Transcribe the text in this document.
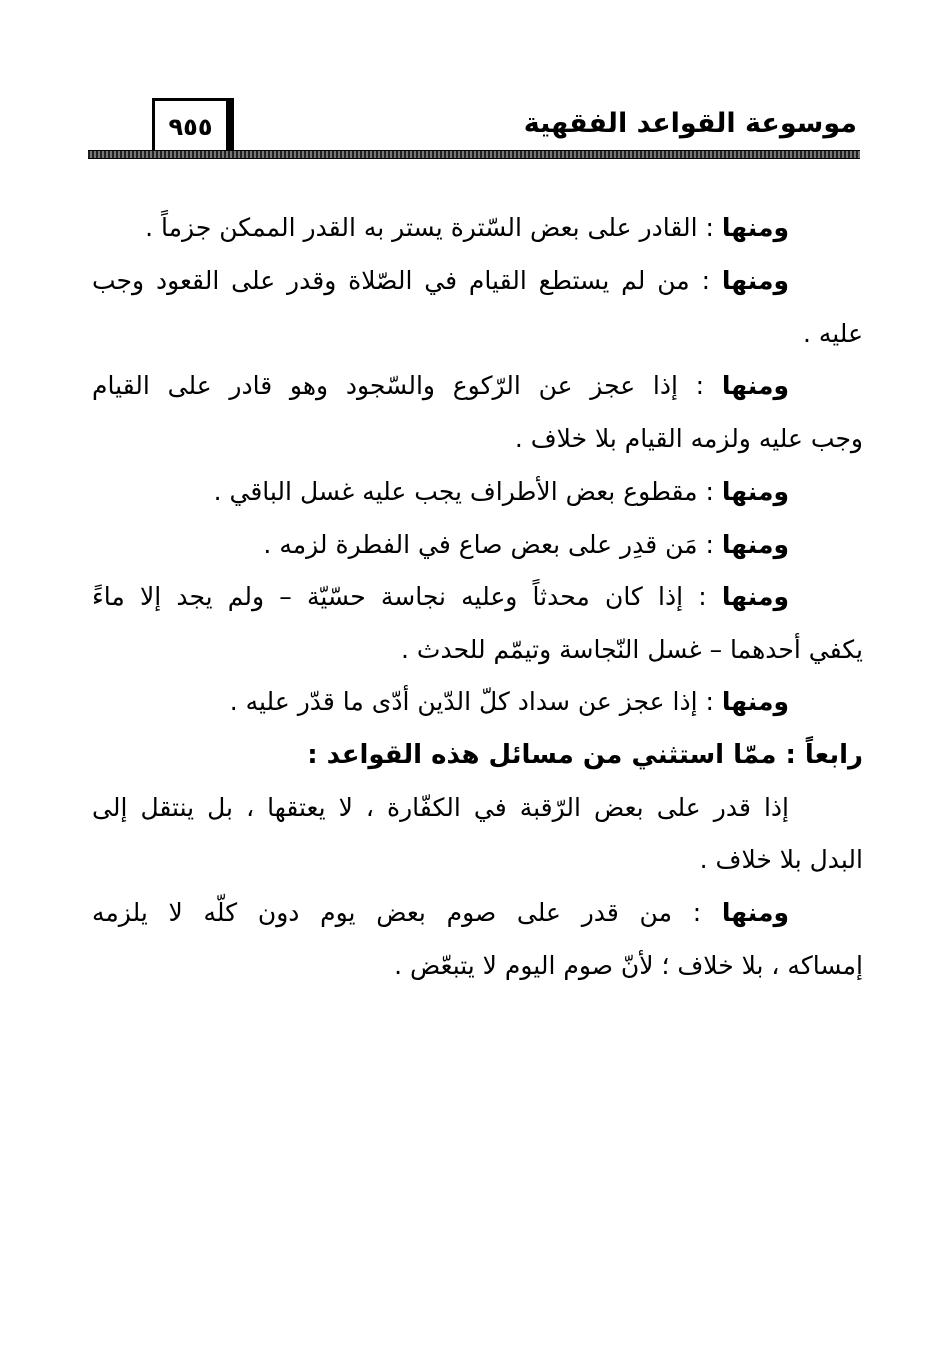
موسوعة القواعد الفقهية
٩٥٥
ومنها : القادر على بعض السّترة يستر به القدر الممكن جزماً .
ومنها : من لم يستطع القيام في الصّلاة وقدر على القعود وجب
عليه .
ومنها : إذا عجز عن الرّكوع والسّجود وهو قادر على القيام
وجب عليه ولزمه القيام بلا خلاف .
ومنها : مقطوع بعض الأطراف يجب عليه غسل الباقي .
ومنها : مَن قدِر على بعض صاع في الفطرة لزمه .
ومنها : إذا كان محدثاً وعليه نجاسة حسّيّة – ولم يجد إلا ماءً
يكفي أحدهما – غسل النّجاسة وتيمّم للحدث .
ومنها : إذا عجز عن سداد كلّ الدّين أدّى ما قدّر عليه .
رابعاً : ممّا استثني من مسائل هذه القواعد :
إذا قدر على بعض الرّقبة في الكفّارة ، لا يعتقها ، بل ينتقل إلى
البدل بلا خلاف .
ومنها : من قدر على صوم بعض يوم دون كلّه لا يلزمه
إمساكه ، بلا خلاف ؛ لأنّ صوم اليوم لا يتبعّض .
